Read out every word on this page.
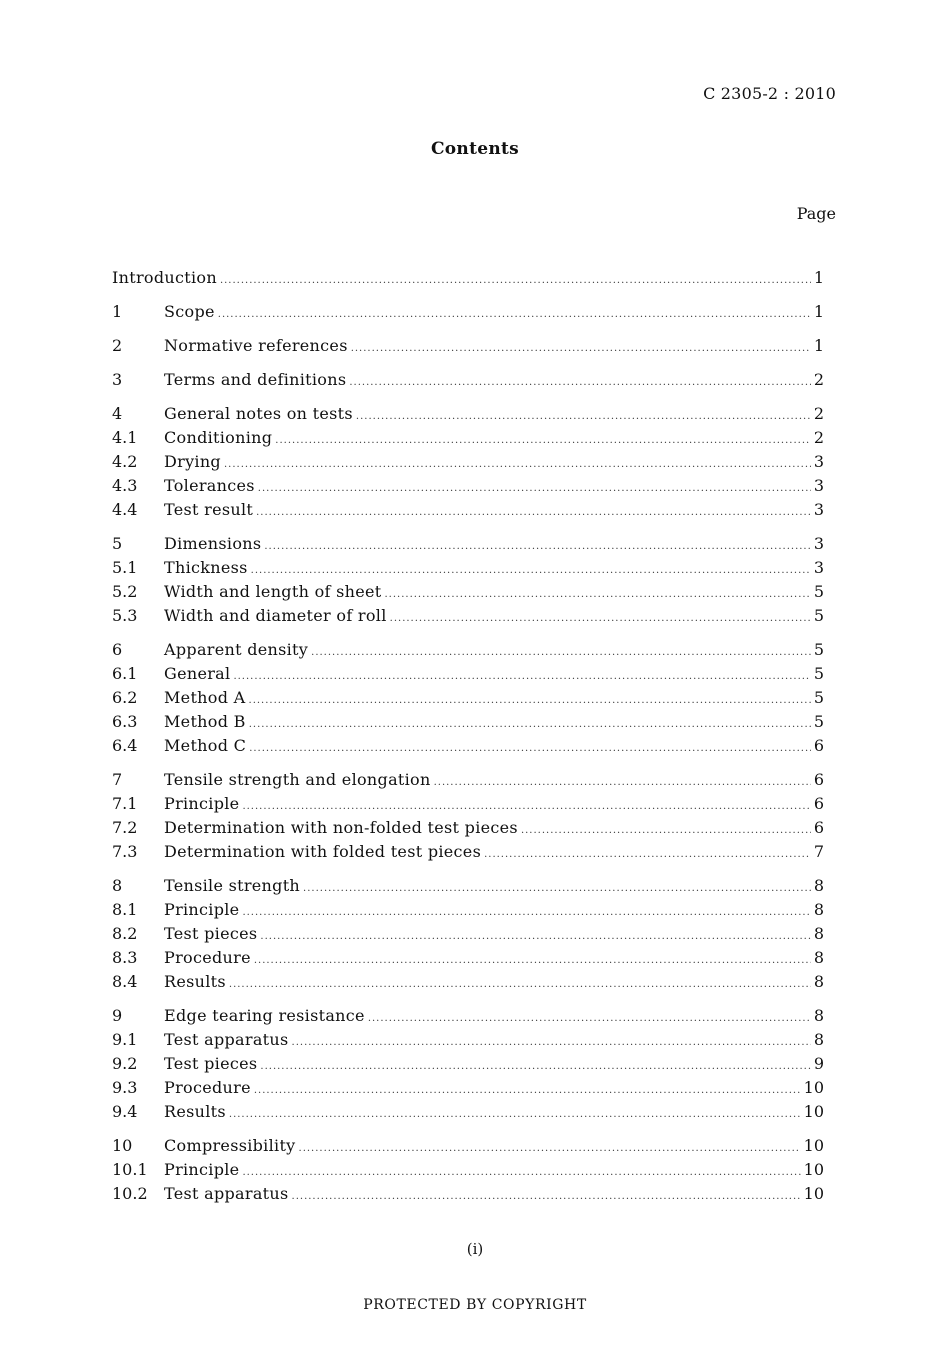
C 2305-2 : 2010
Contents
Page
Introduction .....	1
1	Scope .....	1
2	Normative references .....	1
3	Terms and definitions .....	2
4	General notes on tests .....	2
4.1	Conditioning .....	2
4.2	Drying .....	3
4.3	Tolerances .....	3
4.4	Test result .....	3
5	Dimensions .....	3
5.1	Thickness .....	3
5.2	Width and length of sheet .....	5
5.3	Width and diameter of roll .....	5
6	Apparent density .....	5
6.1	General .....	5
6.2	Method A .....	5
6.3	Method B .....	5
6.4	Method C .....	6
7	Tensile strength and elongation .....	6
7.1	Principle .....	6
7.2	Determination with non-folded test pieces .....	6
7.3	Determination with folded test pieces .....	7
8	Tensile strength .....	8
8.1	Principle .....	8
8.2	Test pieces .....	8
8.3	Procedure .....	8
8.4	Results .....	8
9	Edge tearing resistance .....	8
9.1	Test apparatus .....	8
9.2	Test pieces .....	9
9.3	Procedure .....	10
9.4	Results .....	10
10	Compressibility .....	10
10.1	Principle .....	10
10.2	Test apparatus .....	10
(i)
PROTECTED BY COPYRIGHT
